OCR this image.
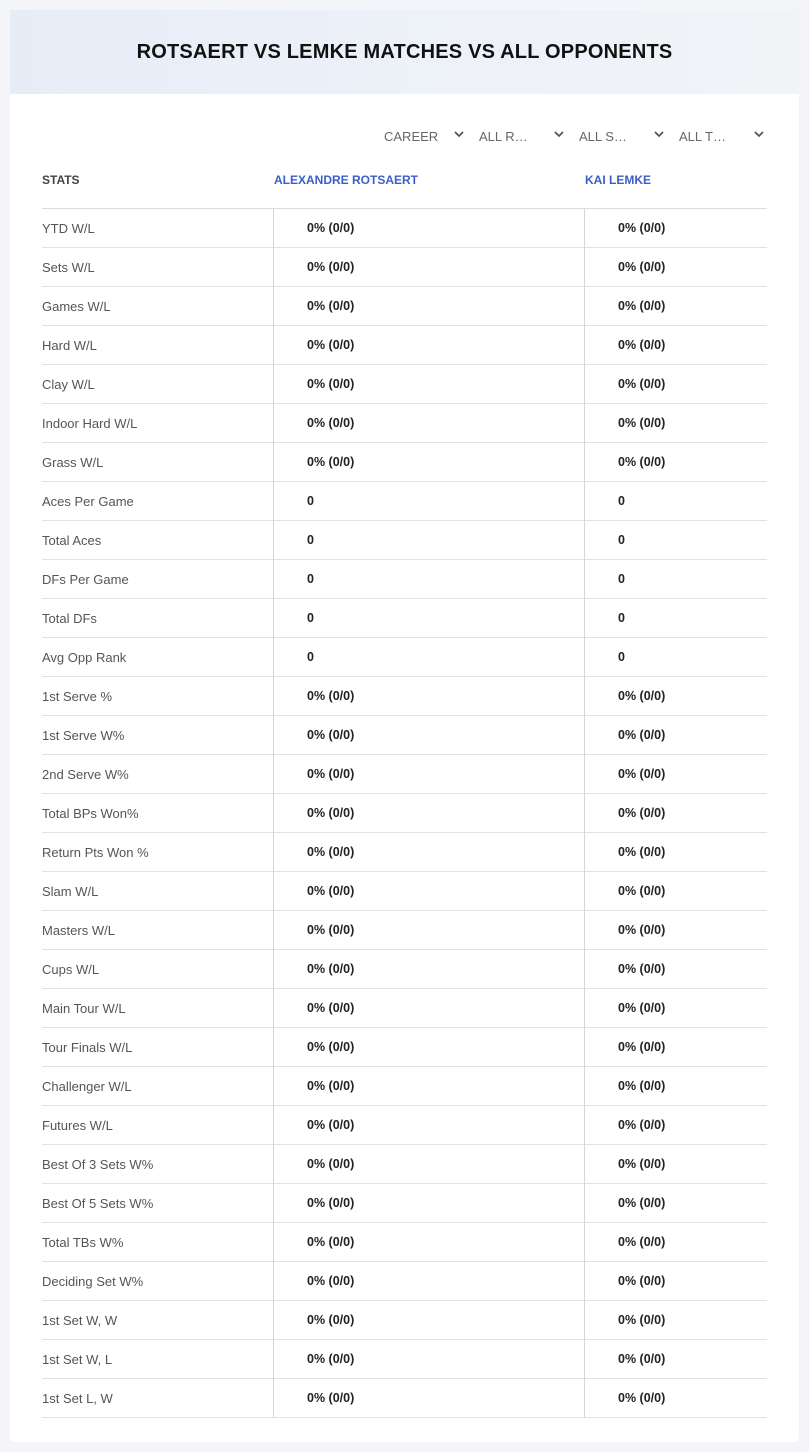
ROTSAERT VS LEMKE MATCHES VS ALL OPPONENTS
CAREER	ALL R…	ALL S…	ALL T…
STATS	ALEXANDRE ROTSAERT	KAI LEMKE
YTD W/L	0% (0/0)	0% (0/0)
Sets W/L	0% (0/0)	0% (0/0)
Games W/L	0% (0/0)	0% (0/0)
Hard W/L	0% (0/0)	0% (0/0)
Clay W/L	0% (0/0)	0% (0/0)
Indoor Hard W/L	0% (0/0)	0% (0/0)
Grass W/L	0% (0/0)	0% (0/0)
Aces Per Game	0	0
Total Aces	0	0
DFs Per Game	0	0
Total DFs	0	0
Avg Opp Rank	0	0
1st Serve %	0% (0/0)	0% (0/0)
1st Serve W%	0% (0/0)	0% (0/0)
2nd Serve W%	0% (0/0)	0% (0/0)
Total BPs Won%	0% (0/0)	0% (0/0)
Return Pts Won %	0% (0/0)	0% (0/0)
Slam W/L	0% (0/0)	0% (0/0)
Masters W/L	0% (0/0)	0% (0/0)
Cups W/L	0% (0/0)	0% (0/0)
Main Tour W/L	0% (0/0)	0% (0/0)
Tour Finals W/L	0% (0/0)	0% (0/0)
Challenger W/L	0% (0/0)	0% (0/0)
Futures W/L	0% (0/0)	0% (0/0)
Best Of 3 Sets W%	0% (0/0)	0% (0/0)
Best Of 5 Sets W%	0% (0/0)	0% (0/0)
Total TBs W%	0% (0/0)	0% (0/0)
Deciding Set W%	0% (0/0)	0% (0/0)
1st Set W, W	0% (0/0)	0% (0/0)
1st Set W, L	0% (0/0)	0% (0/0)
1st Set L, W	0% (0/0)	0% (0/0)
